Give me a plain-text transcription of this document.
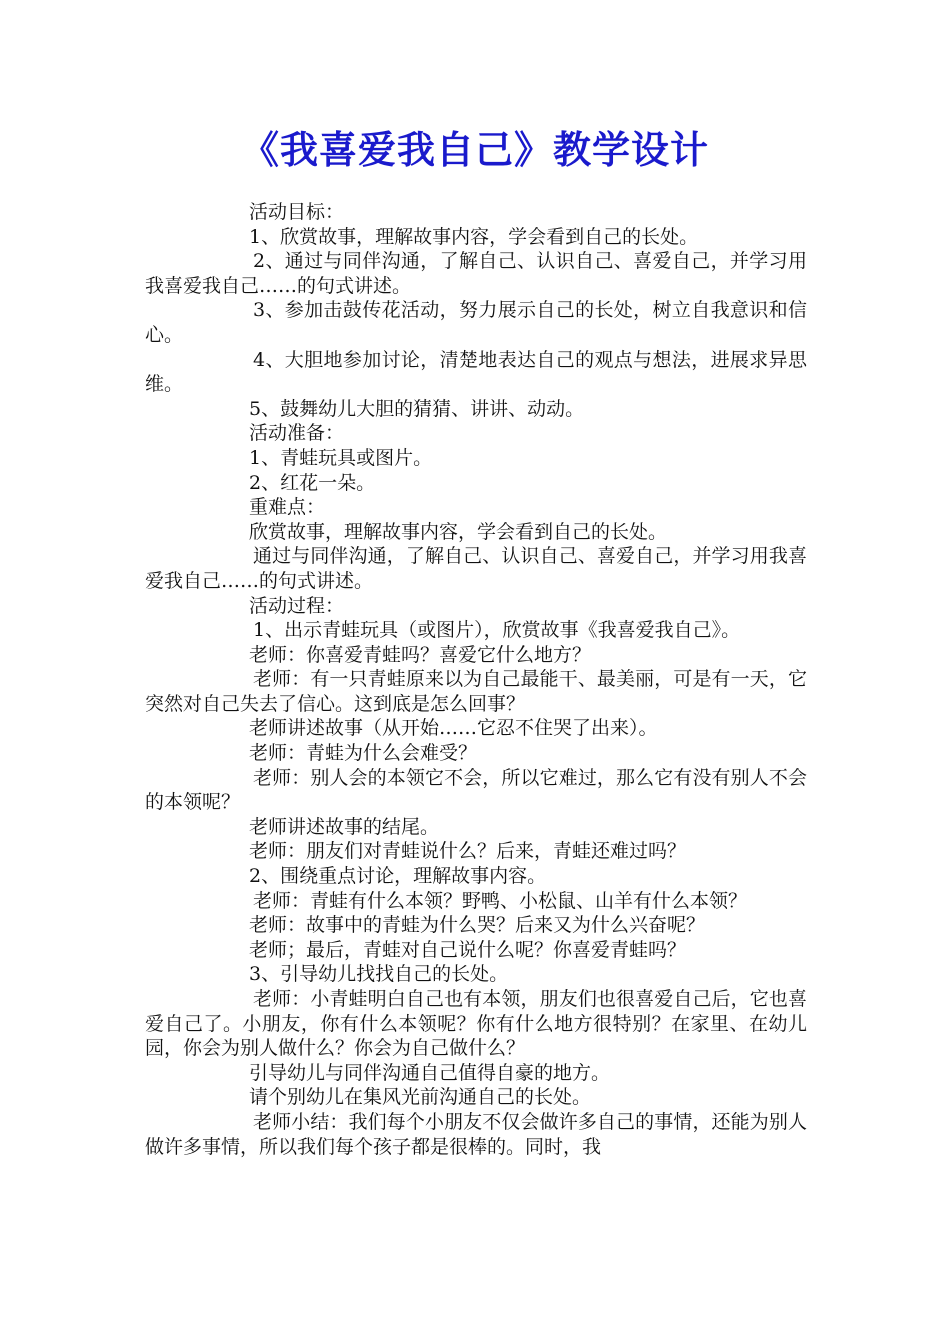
《我喜爱我自己》教学设计

活动目标：

1、欣赏故事，理解故事内容，学会看到自己的长处。

2、通过与同伴沟通，了解自己、认识自己、喜爱自己，并学习用我喜爱我自己……的句式讲述。

3、参加击鼓传花活动，努力展示自己的长处，树立自我意识和信心。

4、大胆地参加讨论，清楚地表达自己的观点与想法，进展求异思维。

5、鼓舞幼儿大胆的猜猜、讲讲、动动。

活动准备：

1、青蛙玩具或图片。

2、红花一朵。

重难点：

欣赏故事，理解故事内容，学会看到自己的长处。

通过与同伴沟通，了解自己、认识自己、喜爱自己，并学习用我喜爱我自己……的句式讲述。

活动过程：

1、出示青蛙玩具（或图片），欣赏故事《我喜爱我自己》。

老师：你喜爱青蛙吗？喜爱它什么地方？

老师：有一只青蛙原来以为自己最能干、最美丽，可是有一天，它突然对自己失去了信心。这到底是怎么回事？

老师讲述故事（从开始……它忍不住哭了出来）。

老师：青蛙为什么会难受？

老师：别人会的本领它不会，所以它难过，那么它有没有别人不会的本领呢？

老师讲述故事的结尾。

老师：朋友们对青蛙说什么？后来，青蛙还难过吗？

2、围绕重点讨论，理解故事内容。

老师：青蛙有什么本领？野鸭、小松鼠、山羊有什么本领？

老师：故事中的青蛙为什么哭？后来又为什么兴奋呢？

老师；最后，青蛙对自己说什么呢？你喜爱青蛙吗？

3、引导幼儿找找自己的长处。

老师：小青蛙明白自己也有本领，朋友们也很喜爱自己后，它也喜爱自己了。小朋友，你有什么本领呢？你有什么地方很特别？在家里、在幼儿园，你会为别人做什么？你会为自己做什么？

引导幼儿与同伴沟通自己值得自豪的地方。

请个别幼儿在集风光前沟通自己的长处。

老师小结：我们每个小朋友不仅会做许多自己的事情，还能为别人做许多事情，所以我们每个孩子都是很棒的。同时，我
